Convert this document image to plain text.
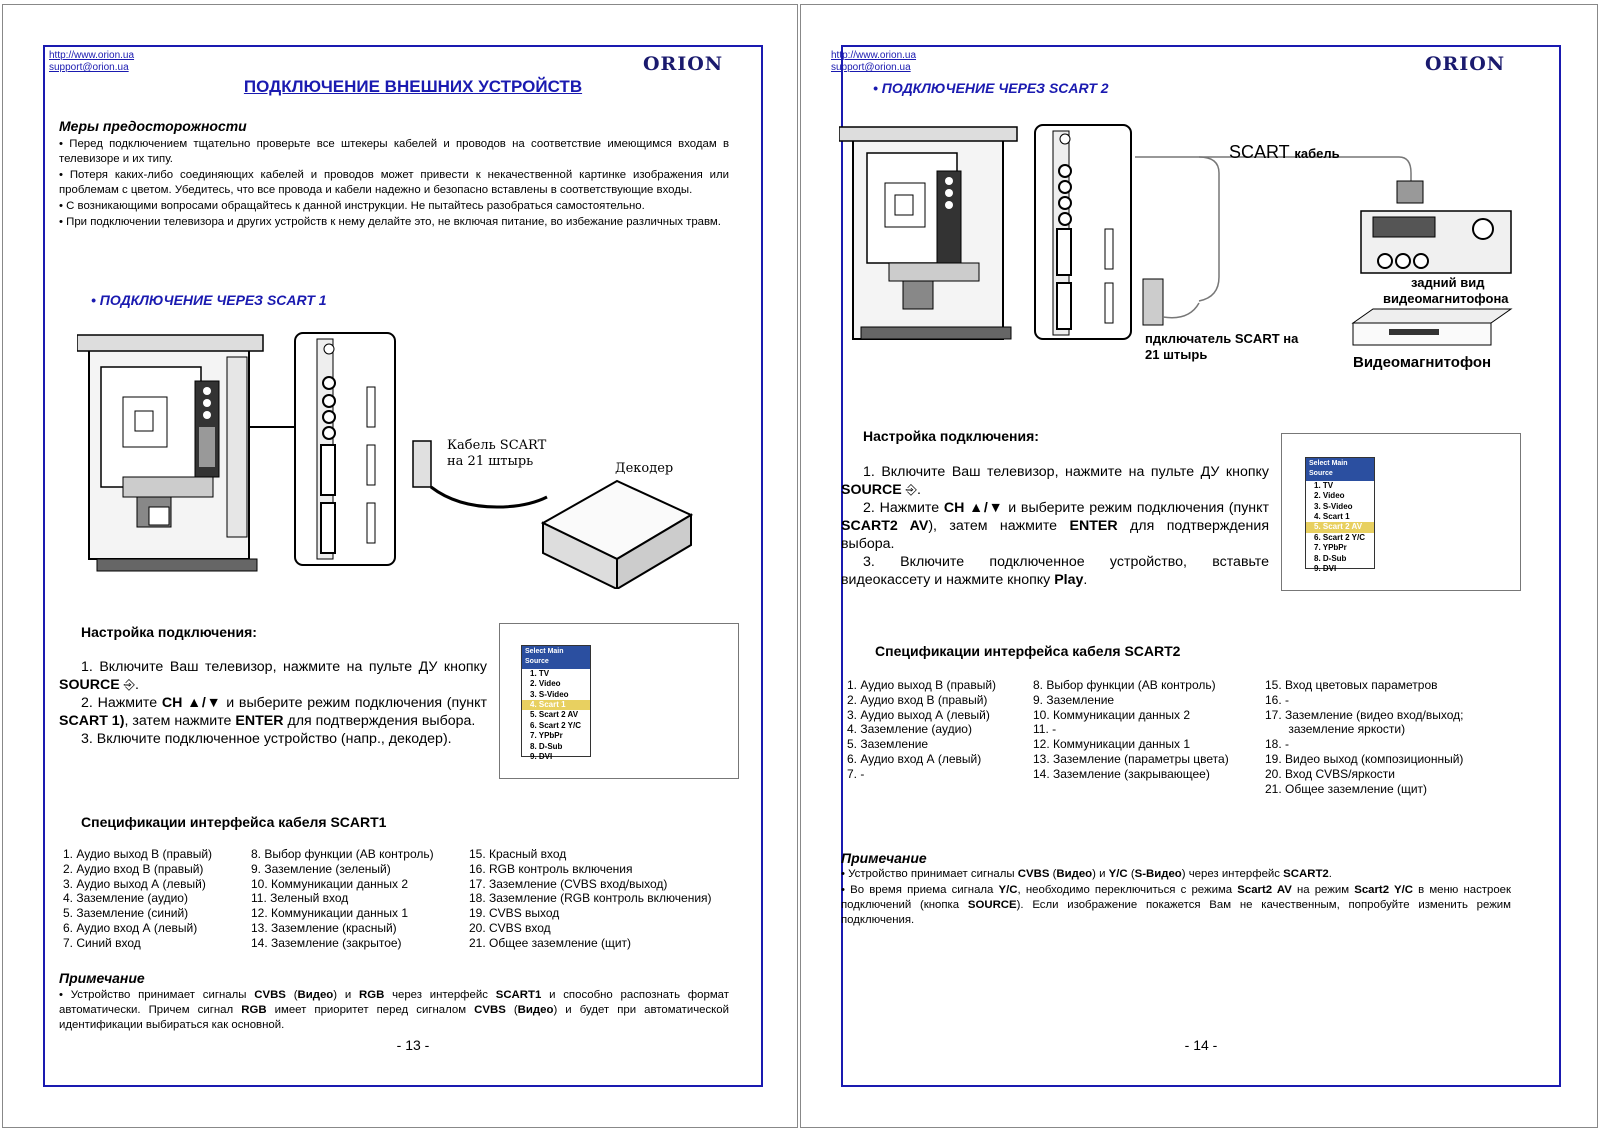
http://www.orion.ua
support@orion.ua	ORION
ПОДКЛЮЧЕНИЕ ВНЕШНИХ УСТРОЙСТВ
Меры предосторожности

• Перед подключением тщательно проверьте все штекеры кабелей и проводов на соответствие имеющимся входам в телевизоре и их типу.

• Потеря каких-либо соединяющих кабелей и проводов может привести к некачественной картинке изображения или проблемам с цветом. Убедитесь, что все провода и кабели надежно и безопасно вставлены в соответствующие входы.

• С возникающими вопросами обращайтесь к данной инструкции. Не пытайтесь разобраться самостоятельно.

• При подключении телевизора и других устройств к нему делайте это, не включая питание, во избежание различных травм.

• ПОДКЛЮЧЕНИЕ ЧЕРЕЗ SCART 1
Кабель SCART
на 21 штырь	Декодер
Настройка подключения:

1. Включите Ваш телевизор, нажмите на пульте ДУ кнопку SOURCE ⎆.

2. Нажмите CH ▲/▼ и выберите режим подключения (пункт SCART 1), затем нажмите ENTER для подтверждения выбора.

3. Включите подключенное устройство (напр., декодер).

Select Main Source
1. TV
2. Video
3. S-Video
4. Scart 1
5. Scart 2 AV
6. Scart 2 Y/C
7. YPbPr
8. D-Sub
9. DVI
Спецификации интерфейса кабеля SCART1
1. Аудио выход В (правый)
2. Аудио вход В (правый)
3. Аудио выход А (левый)
4. Заземление (аудио)
5. Заземление (синий)
6. Аудио вход А (левый)
7. Синий вход
8. Выбор функции (АВ контроль)
9. Заземление (зеленый)
10. Коммуникации данных 2
11. Зеленый вход
12. Коммуникации данных 1
13. Заземление (красный)
14. Заземление (закрытое)
15. Красный вход
16. RGB контроль включения
17. Заземление (CVBS вход/выход)
18. Заземление (RGB контроль включения)
19. CVBS выход
20. CVBS вход
21. Общее заземление (щит)
Примечание

• Устройство принимает сигналы CVBS (Видео) и RGB через интерфейс SCART1 и способно распознать формат автоматически. Причем сигнал RGB имеет приоритет перед сигналом CVBS (Видео) и будет при автоматической идентификации выбираться как основной.

- 13 -
http://www.orion.ua
support@orion.ua	ORION
• ПОДКЛЮЧЕНИЕ ЧЕРЕЗ SCART 2
SCART кабель
задний вид
видеомагнитофона
пдключатель SCART на
21 штырь	Видеомагнитофон
Настройка подключения:

1. Включите Ваш телевизор, нажмите на пульте ДУ кнопку SOURCE ⎆.

2. Нажмите CH ▲/▼ и выберите режим подключения (пункт SCART2 AV), затем нажмите ENTER для подтверждения выбора.

3. Включите подключенное устройство, вставьте видеокассету и нажмите кнопку Play.

Select Main Source
1. TV
2. Video
3. S-Video
4. Scart 1
5. Scart 2 AV
6. Scart 2 Y/C
7. YPbPr
8. D-Sub
9. DVI
Спецификации интерфейса кабеля SCART2
1. Аудио выход В (правый)
2. Аудио вход В (правый)
3. Аудио выход А (левый)
4. Заземление (аудио)
5. Заземление
6. Аудио вход А (левый)
7. -
8. Выбор функции (АВ контроль)
9. Заземление
10. Коммуникации данных 2
11. -
12. Коммуникации данных 1
13. Заземление (параметры цвета)
14. Заземление (закрывающее)
15. Вход цветовых параметров
16. -
17. Заземление (видео вход/выход;
заземление яркости)
18. -
19. Видео выход (композиционный)
20. Вход CVBS/яркости
21. Общее заземление (щит)
Примечание

• Устройство принимает сигналы CVBS (Видео) и Y/C (S-Видео) через интерфейс SCART2.

• Во время приема сигнала Y/C, необходимо переключиться с режима Scart2 AV на режим Scart2 Y/C в меню настроек подключений (кнопка SOURCE). Если изображение покажется Вам не качественным, попробуйте изменить режим подключения.

- 14 -
